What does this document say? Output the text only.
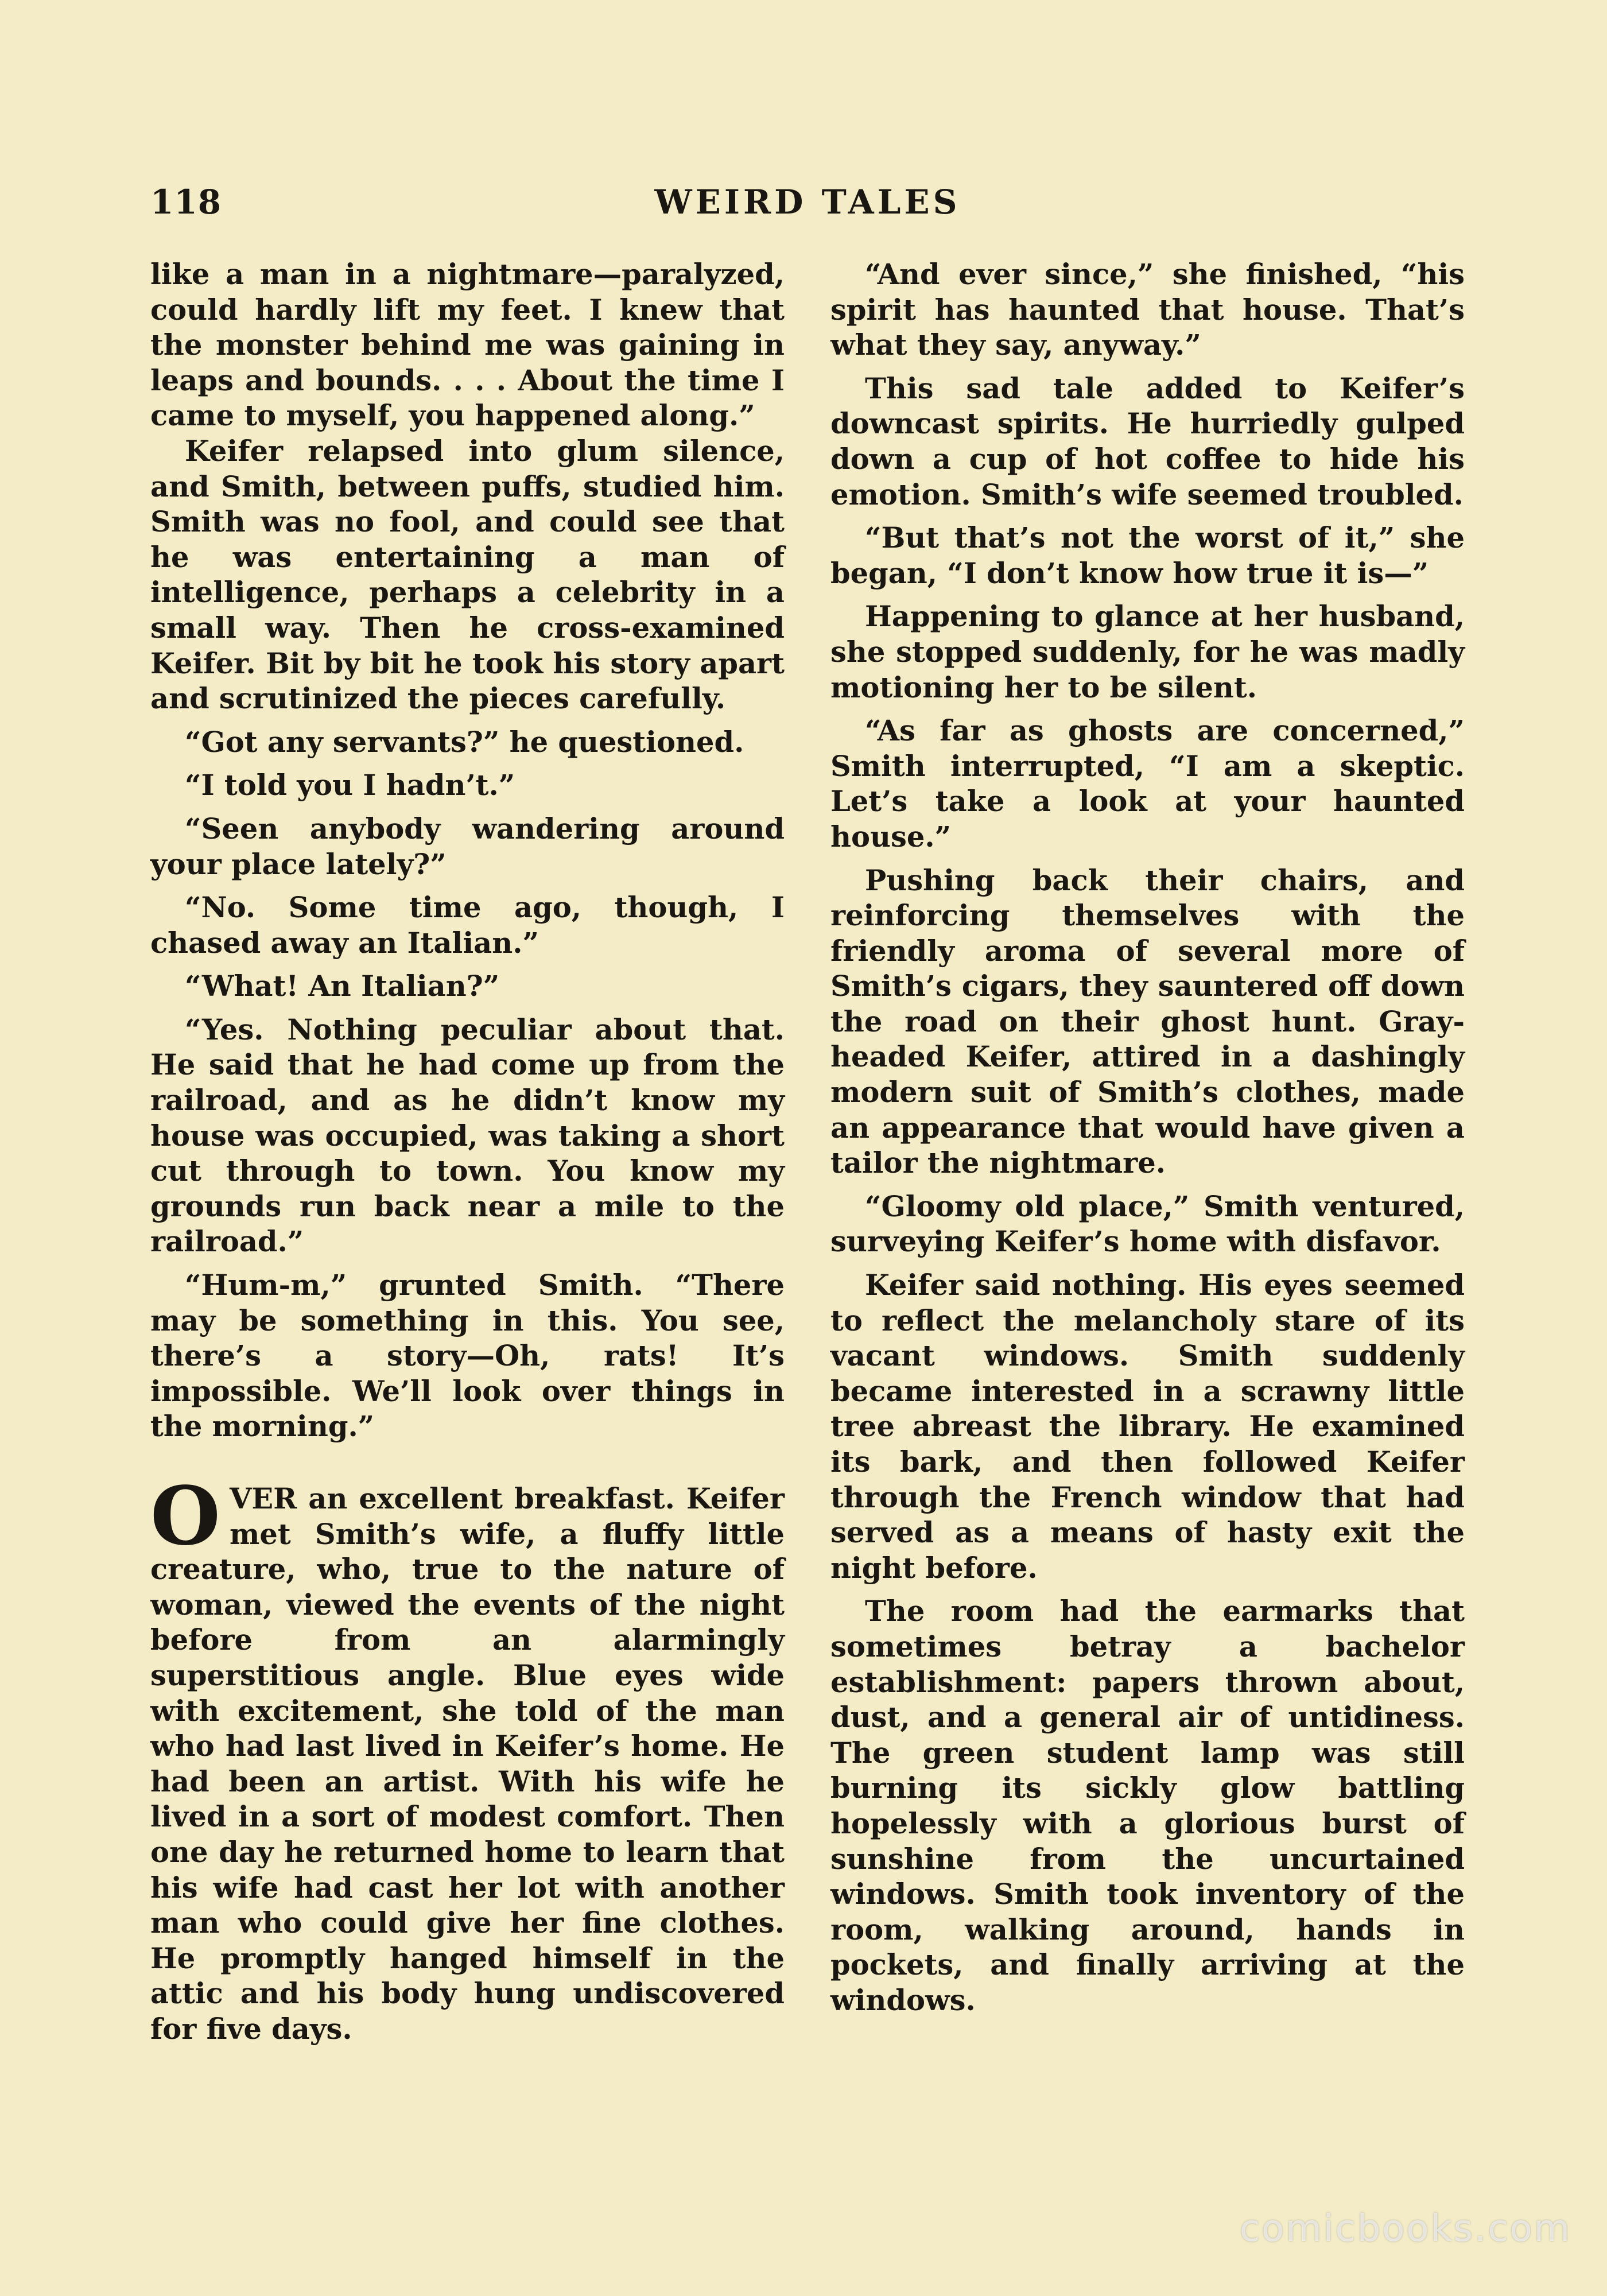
118	WEIRD TALES

like a man in a nightmare—paralyzed, could hardly lift my feet. I knew that the monster behind me was gaining in leaps and bounds. . . . About the time I came to myself, you happened along.”

Keifer relapsed into glum silence, and Smith, between puffs, studied him. Smith was no fool, and could see that he was entertaining a man of intelligence, perhaps a celebrity in a small way. Then he cross-examined Keifer. Bit by bit he took his story apart and scrutinized the pieces carefully.

“Got any servants?” he questioned.

“I told you I hadn’t.”

“Seen anybody wandering around your place lately?”

“No. Some time ago, though, I chased away an Italian.”

“What! An Italian?”

“Yes. Nothing peculiar about that. He said that he had come up from the railroad, and as he didn’t know my house was occupied, was taking a short cut through to town. You know my grounds run back near a mile to the railroad.”

“Hum-m,” grunted Smith. “There may be something in this. You see, there’s a story—Oh, rats! It’s impossible. We’ll look over things in the morning.”

OVER an excellent breakfast. Keifer met Smith’s wife, a fluffy little creature, who, true to the nature of woman, viewed the events of the night before from an alarmingly superstitious angle. Blue eyes wide with excitement, she told of the man who had last lived in Keifer’s home. He had been an artist. With his wife he lived in a sort of modest comfort. Then one day he returned home to learn that his wife had cast her lot with another man who could give her fine clothes. He promptly hanged himself in the attic and his body hung undiscovered for five days.

“And ever since,” she finished, “his spirit has haunted that house. That’s what they say, anyway.”

This sad tale added to Keifer’s downcast spirits. He hurriedly gulped down a cup of hot coffee to hide his emotion. Smith’s wife seemed troubled.

“But that’s not the worst of it,” she began, “I don’t know how true it is—”

Happening to glance at her husband, she stopped suddenly, for he was madly motioning her to be silent.

“As far as ghosts are concerned,” Smith interrupted, “I am a skeptic. Let’s take a look at your haunted house.”

Pushing back their chairs, and reinforcing themselves with the friendly aroma of several more of Smith’s cigars, they sauntered off down the road on their ghost hunt. Gray-headed Keifer, attired in a dashingly modern suit of Smith’s clothes, made an appearance that would have given a tailor the nightmare.

“Gloomy old place,” Smith ventured, surveying Keifer’s home with disfavor.

Keifer said nothing. His eyes seemed to reflect the melancholy stare of its vacant windows. Smith suddenly became interested in a scrawny little tree abreast the library. He examined its bark, and then followed Keifer through the French window that had served as a means of hasty exit the night before.

The room had the earmarks that sometimes betray a bachelor establishment: papers thrown about, dust, and a general air of untidiness. The green student lamp was still burning its sickly glow battling hopelessly with a glorious burst of sunshine from the uncurtained windows. Smith took inventory of the room, walking around, hands in pockets, and finally arriving at the windows.

comicbooks.com
